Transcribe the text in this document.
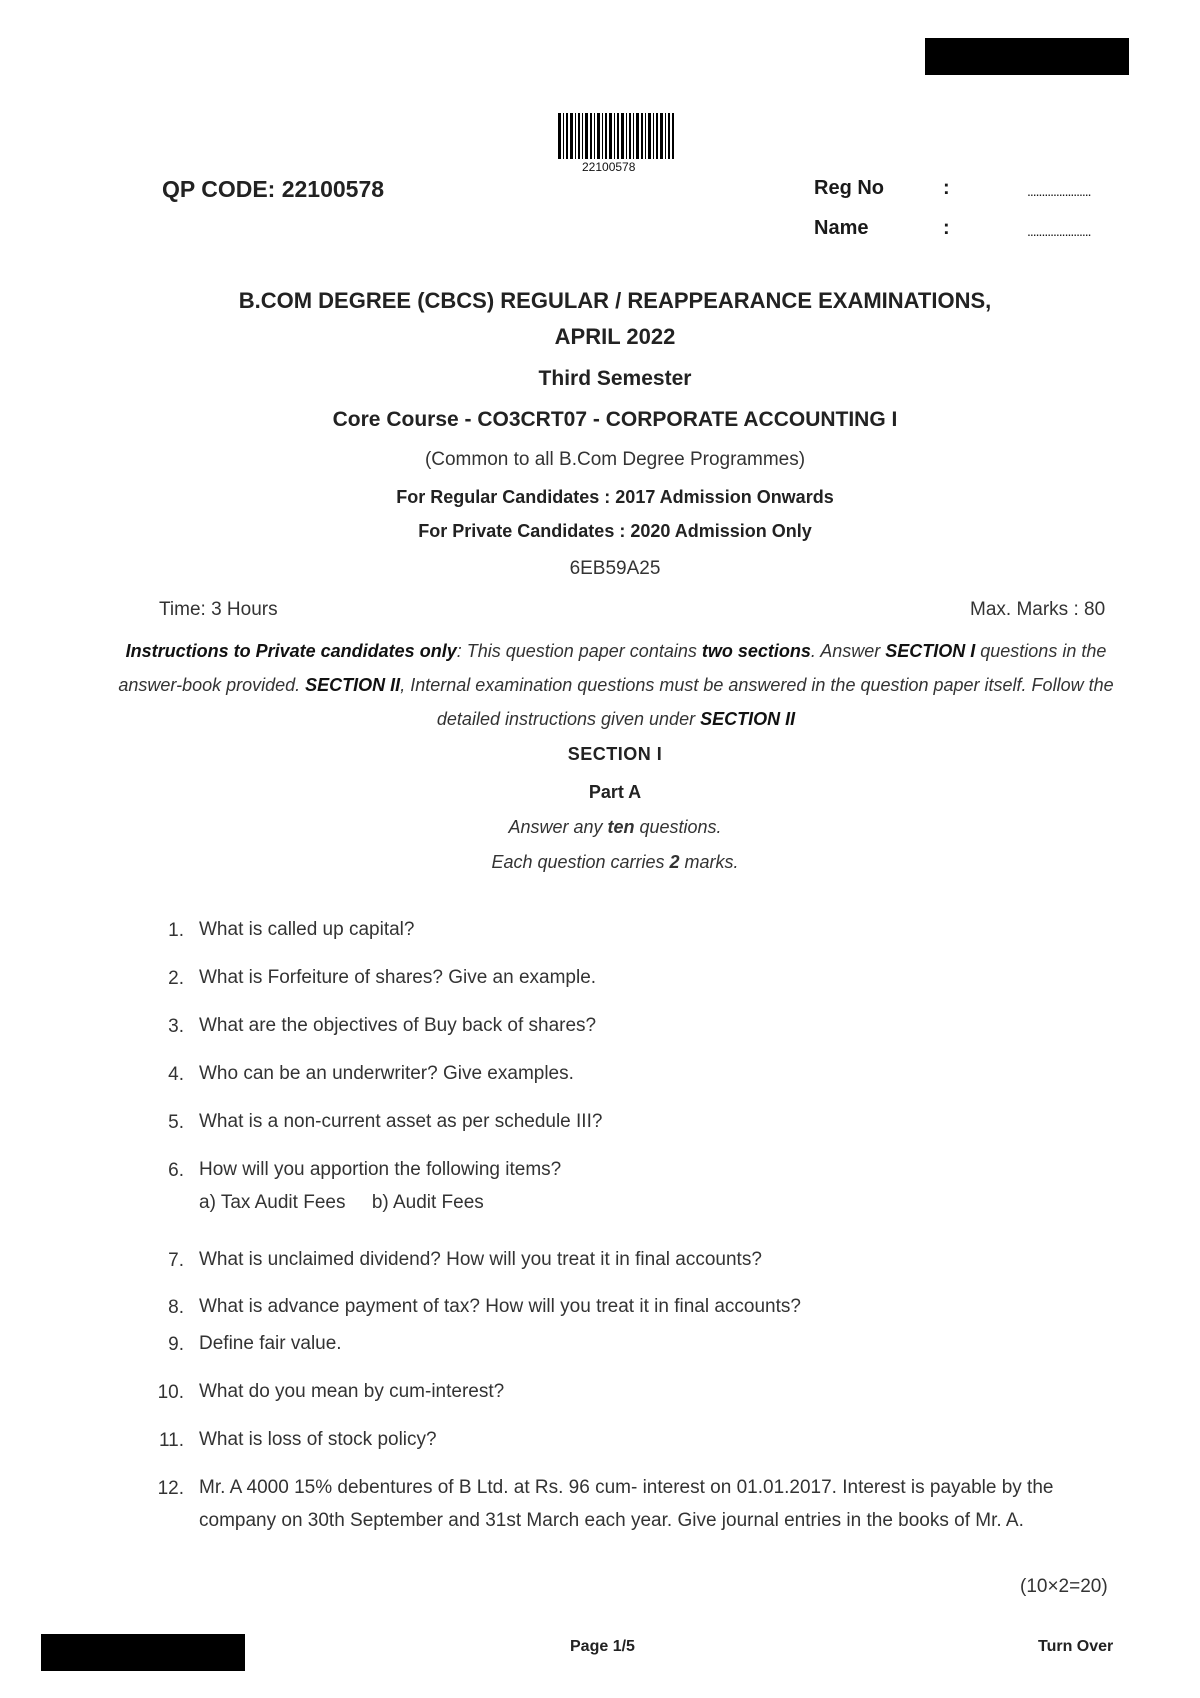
22100578
QP CODE: 22100578	Reg No	:	......................
Name	:	......................
B.COM DEGREE (CBCS) REGULAR / REAPPEARANCE EXAMINATIONS,
APRIL 2022
Third Semester
Core Course - CO3CRT07 - CORPORATE ACCOUNTING I
(Common to all B.Com Degree Programmes)
For Regular Candidates : 2017 Admission Onwards
For Private Candidates : 2020 Admission Only
6EB59A25
Time: 3 Hours	Max. Marks : 80
Instructions to Private candidates only: This question paper contains two sections. Answer SECTION I questions in the answer-book provided. SECTION II, Internal examination questions must be answered in the question paper itself. Follow the detailed instructions given under SECTION II
SECTION I
Part A
Answer any ten questions.
Each question carries 2 marks.
1. What is called up capital?
2. What is Forfeiture of shares? Give an example.
3. What are the objectives of Buy back of shares?
4. Who can be an underwriter? Give examples.
5. What is a non-current asset as per schedule III?
6. How will you apportion the following items?
a) Tax Audit Fees     b) Audit Fees
7. What is unclaimed dividend? How will you treat it in final accounts?
8. What is advance payment of tax? How will you treat it in final accounts?
9. Define fair value.
10. What do you mean by cum-interest?
11. What is loss of stock policy?
12. Mr. A 4000 15% debentures of B Ltd. at Rs. 96 cum- interest on 01.01.2017. Interest is payable by the company on 30th September and 31st March each year. Give journal entries in the books of Mr. A.
(10×2=20)
Page 1/5	Turn Over
